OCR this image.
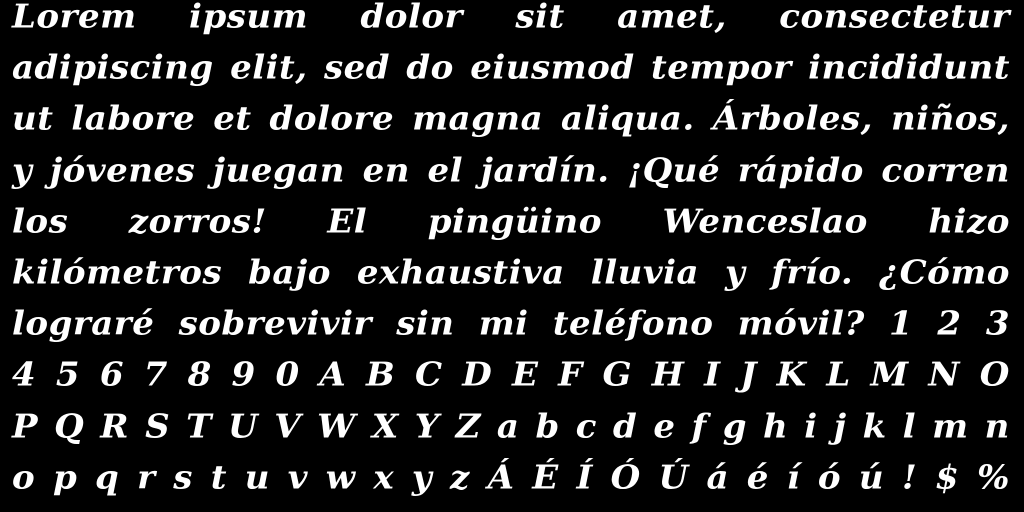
Lorem ipsum dolor sit amet, consectetur
adipiscing elit, sed do eiusmod tempor incididunt
ut labore et dolore magna aliqua. Árboles, niños,
y jóvenes juegan en el jardín. ¡Qué rápido corren
los zorros! El pingüino Wenceslao hizo
kilómetros bajo exhaustiva lluvia y frío. ¿Cómo
lograré sobrevivir sin mi teléfono móvil? 1 2 3
4 5 6 7 8 9 0 A B C D E F G H I J K L M N O
P Q R S T U V W X Y Z a b c d e f g h i j k l m n
o p q r s t u v w x y z Á É Í Ó Ú á é í ó ú ! $ %
